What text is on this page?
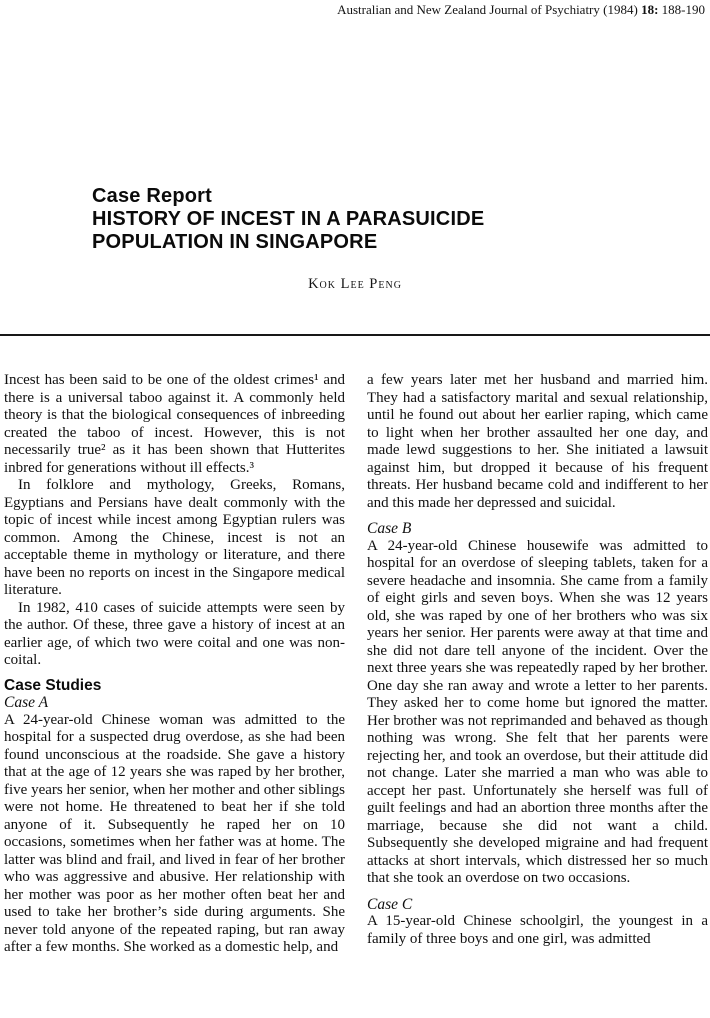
Australian and New Zealand Journal of Psychiatry (1984) 18: 188-190
Case Report
HISTORY OF INCEST IN A PARASUICIDE
POPULATION IN SINGAPORE
Kok Lee Peng

Incest has been said to be one of the oldest crimes¹ and there is a universal taboo against it. A commonly held theory is that the biological consequences of inbreeding created the taboo of incest. However, this is not necessarily true² as it has been shown that Hutterites inbred for generations without ill effects.³

In folklore and mythology, Greeks, Romans, Egyptians and Persians have dealt commonly with the topic of incest while incest among Egyptian rulers was common. Among the Chinese, incest is not an acceptable theme in mythology or literature, and there have been no reports on incest in the Singapore medical literature.

In 1982, 410 cases of suicide attempts were seen by the author. Of these, three gave a history of incest at an earlier age, of which two were coital and one was non-coital.

Case Studies
Case A

A 24-year-old Chinese woman was admitted to the hospital for a suspected drug overdose, as she had been found unconscious at the roadside. She gave a history that at the age of 12 years she was raped by her brother, five years her senior, when her mother and other siblings were not home. He threatened to beat her if she told anyone of it. Subsequently he raped her on 10 occasions, sometimes when her father was at home. The latter was blind and frail, and lived in fear of her brother who was aggressive and abusive. Her relationship with her mother was poor as her mother often beat her and used to take her brother’s side during arguments. She never told anyone of the repeated raping, but ran away after a few months. She worked as a domestic help, and

a few years later met her husband and married him. They had a satisfactory marital and sexual relationship, until he found out about her earlier raping, which came to light when her brother assaulted her one day, and made lewd suggestions to her. She initiated a lawsuit against him, but dropped it because of his frequent threats. Her husband became cold and indifferent to her and this made her depressed and suicidal.

Case B

A 24-year-old Chinese housewife was admitted to hospital for an overdose of sleeping tablets, taken for a severe headache and insomnia. She came from a family of eight girls and seven boys. When she was 12 years old, she was raped by one of her brothers who was six years her senior. Her parents were away at that time and she did not dare tell anyone of the incident. Over the next three years she was repeatedly raped by her brother. One day she ran away and wrote a letter to her parents. They asked her to come home but ignored the matter. Her brother was not reprimanded and behaved as though nothing was wrong. She felt that her parents were rejecting her, and took an overdose, but their attitude did not change. Later she married a man who was able to accept her past. Unfortunately she herself was full of guilt feelings and had an abortion three months after the marriage, because she did not want a child. Subsequently she developed migraine and had frequent attacks at short intervals, which distressed her so much that she took an overdose on two occasions.

Case C

A 15-year-old Chinese schoolgirl, the youngest in a family of three boys and one girl, was admitted
